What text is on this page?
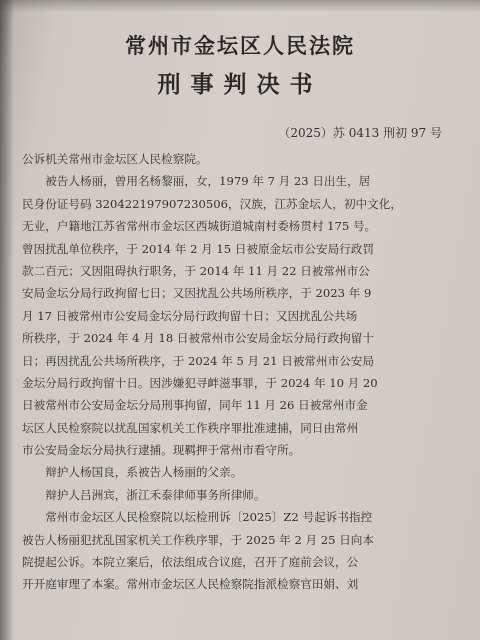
常州市金坛区人民法院
刑事判决书
（2025）苏 0413 刑初 97 号
公诉机关常州市金坛区人民检察院。
　　被告人杨丽，曾用名杨黎丽，女，1979 年 7 月 23 日出生，居
民身份证号码 320422197907230506，汉族，江苏金坛人，初中文化，
无业，户籍地江苏省常州市金坛区西城街道城南村委杨贯村 175 号。
曾因扰乱单位秩序，于 2014 年 2 月 15 日被原金坛市公安局行政罚
款二百元；又因阻碍执行职务，于 2014 年 11 月 22 日被常州市公
安局金坛分局行政拘留七日；又因扰乱公共场所秩序，于 2023 年 9
月 17 日被常州市公安局金坛分局行政拘留十日；又因扰乱公共场
所秩序，于 2024 年 4 月 18 日被常州市公安局金坛分局行政拘留十
日；再因扰乱公共场所秩序，于 2024 年 5 月 21 日被常州市公安局
金坛分局行政拘留十日。因涉嫌犯寻衅滋事罪，于 2024 年 10 月 20
日被常州市公安局金坛分局刑事拘留，同年 11 月 26 日被常州市金
坛区人民检察院以扰乱国家机关工作秩序罪批准逮捕，同日由常州
市公安局金坛分局执行逮捕。现羁押于常州市看守所。
　　辩护人杨国良，系被告人杨丽的父亲。
　　辩护人吕洲宾，浙江禾泰律师事务所律师。
　　常州市金坛区人民检察院以坛检刑诉〔2025〕Z2 号起诉书指控
被告人杨丽犯扰乱国家机关工作秩序罪，于 2025 年 2 月 25 日向本
院提起公诉。本院立案后，依法组成合议庭，召开了庭前会议，公
开开庭审理了本案。常州市金坛区人民检察院指派检察官田娟、刘
